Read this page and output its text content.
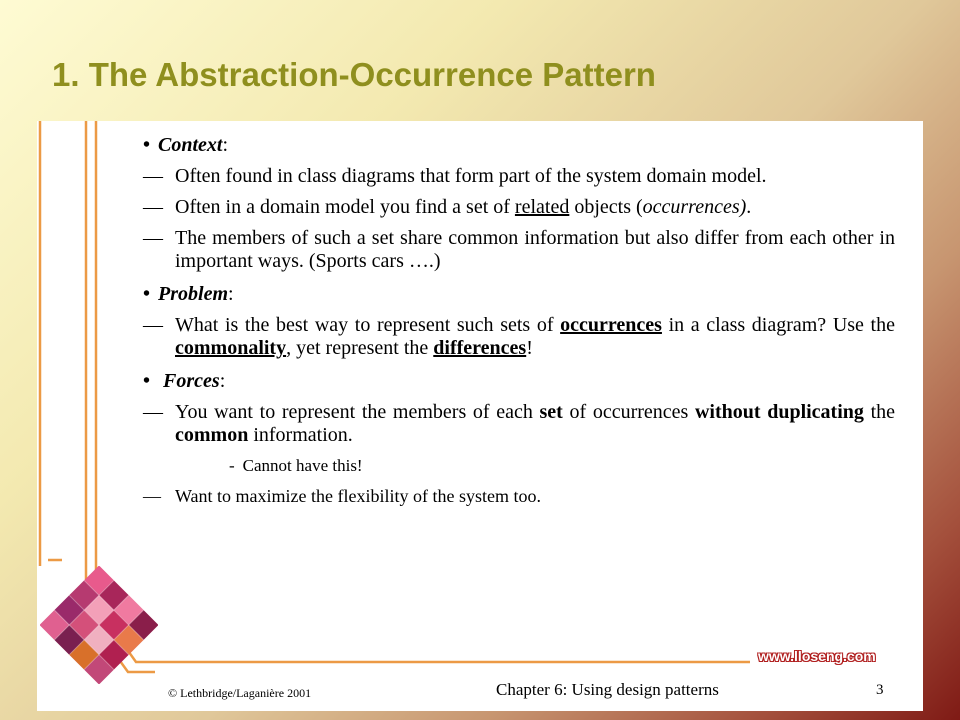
1. The Abstraction-Occurrence Pattern
• Context:
— Often found in class diagrams that form part of the system domain model.
— Often in a domain model you find a set of related objects (occurrences).
— The members of such a set share common information but also differ from each other in important ways. (Sports cars ….)
• Problem:
— What is the best way to represent such sets of occurrences in a class diagram? Use the commonality, yet represent the differences!
• Forces:
— You want to represent the members of each set of occurrences without duplicating the common information.
- Cannot have this!
— Want to maximize the flexibility of the system too.
www.lloseng.com
© Lethbridge/Laganière 2001	Chapter 6: Using design patterns	3
